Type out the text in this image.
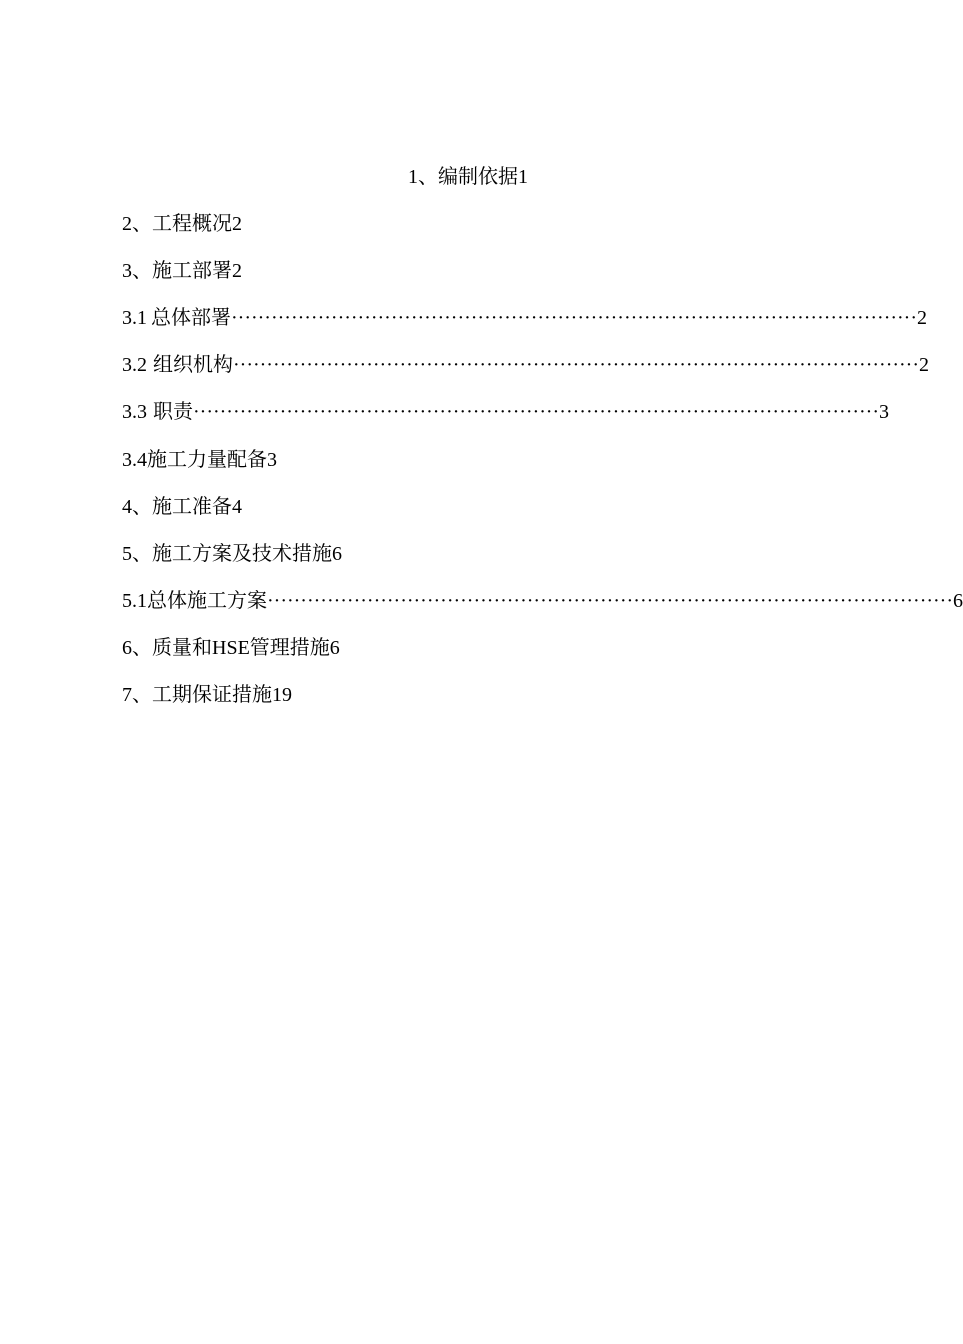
1、编制依据1
2、工程概况2
3、施工部署2
3.1 总体部署 ······································································································· 2
3.2 组织机构 ······································································································· 2
3.3 职责 ······································································································· 3
3.4施工力量配备3
4、施工准备4
5、施工方案及技术措施6
5.1 总体施工方案 ······································································································· 6
6、质量和HSE管理措施6
7、工期保证措施19
